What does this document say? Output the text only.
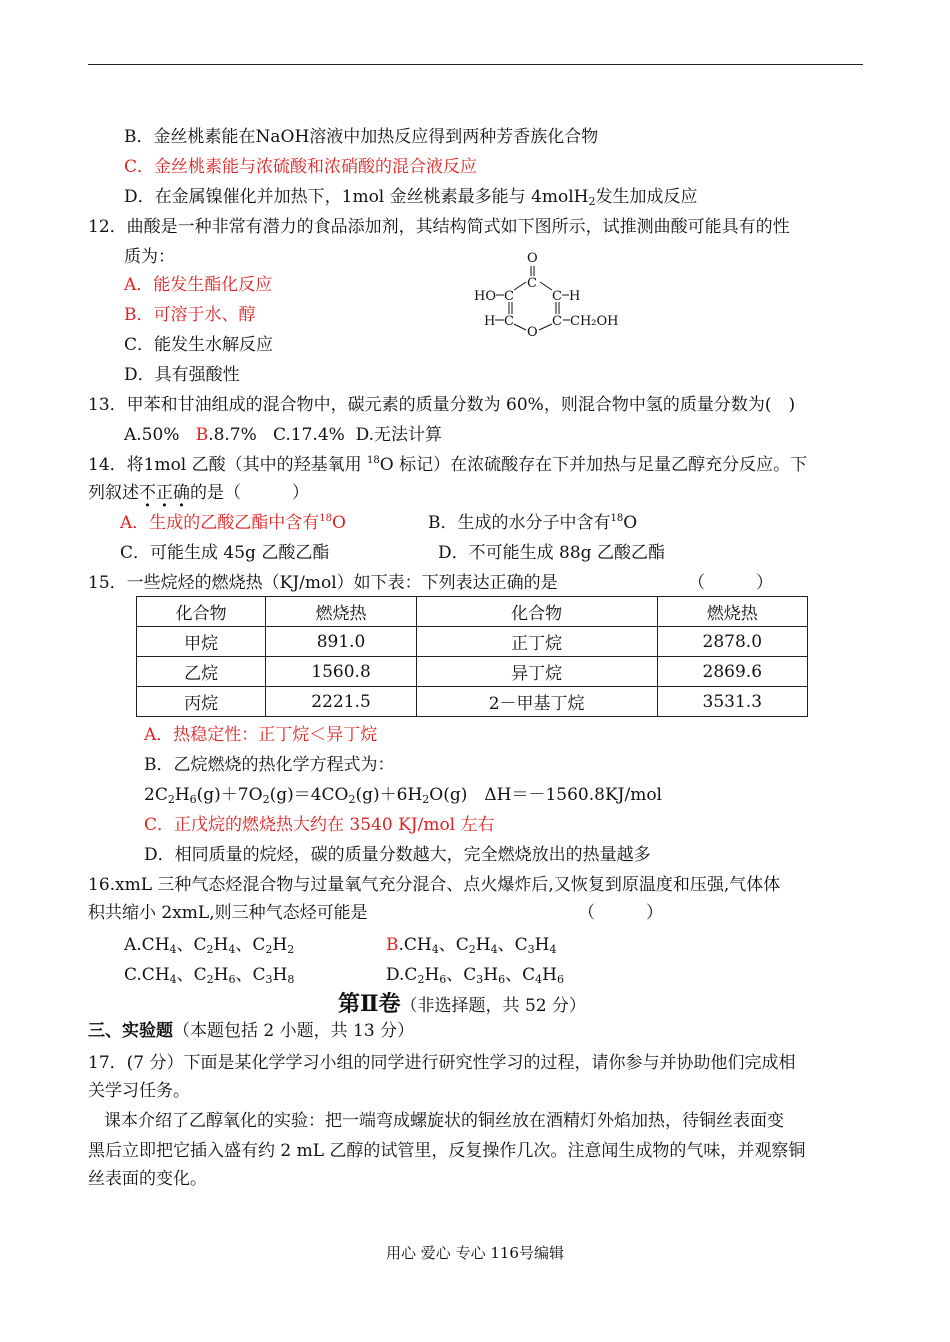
B．金丝桃素能在NaOH溶液中加热反应得到两种芳香族化合物
C．金丝桃素能与浓硫酸和浓硝酸的混合液反应
D．在金属镍催化并加热下，1mol 金丝桃素最多能与 4molH$_2$发生加成反应
12．曲酸是一种非常有潜力的食品添加剂，其结构简式如下图所示，试推测曲酸可能具有的性
质为：
A．能发生酯化反应
B．可溶于水、醇
C．能发生水解反应
D．具有强酸性
O
C
HO C	C H
H C
O
C CH₂OH
13．甲苯和甘油组成的混合物中，碳元素的质量分数为 60%，则混合物中氢的质量分数为(　)
A.50% B.8.7% C.17.4% D.无法计算
14．将1mol 乙酸（其中的羟基氧用 $^{18}$O 标记）在浓硫酸存在下并加热与足量乙醇充分反应。下
列叙述不正确的是（　　　）
A．生成的乙酸乙酯中含有$^{18}$O	B．生成的水分子中含有$^{18}$O
C．可能生成 45g 乙酸乙酯	D．不可能生成 88g 乙酸乙酯
15．一些烷烃的燃烧热（KJ/mol）如下表：下列表达正确的是	（　　　）
化合物	燃烧热	化合物	燃烧热
甲烷	891.0	正丁烷	2878.0
乙烷	1560.8	异丁烷	2869.6
丙烷	2221.5	2－甲基丁烷	3531.3
A．热稳定性：正丁烷＜异丁烷
B．乙烷燃烧的热化学方程式为：
$2C_2H_6(g)+7O_2(g)=4CO_2(g)+6H_2O(g)$　ΔH＝－1560.8KJ/mol
C．正戊烷的燃烧热大约在 3540 KJ/mol 左右
D．相同质量的烷烃，碳的质量分数越大，完全燃烧放出的热量越多
16.xmL 三种气态烃混合物与过量氧气充分混合、点火爆炸后,又恢复到原温度和压强,气体体
积共缩小 2xmL,则三种气态烃可能是	（　　　）
$A.CH_4$、$C_2H_4$、$C_2H_2$	$B.CH_4$、$C_2H_4$、$C_3H_4$
$C.CH_4$、$C_2H_6$、$C_3H_8$	$D.C_2H_6$、$C_3H_6$、$C_4H_6$
第Ⅱ卷（非选择题，共 52 分）
三、实验题（本题包括 2 小题，共 13 分）
17．(7 分）下面是某化学学习小组的同学进行研究性学习的过程，请你参与并协助他们完成相
关学习任务。
课本介绍了乙醇氧化的实验：把一端弯成螺旋状的铜丝放在酒精灯外焰加热，待铜丝表面变
黑后立即把它插入盛有约 2 mL 乙醇的试管里，反复操作几次。注意闻生成物的气味，并观察铜
丝表面的变化。
用心 爱心 专心 116号编辑
